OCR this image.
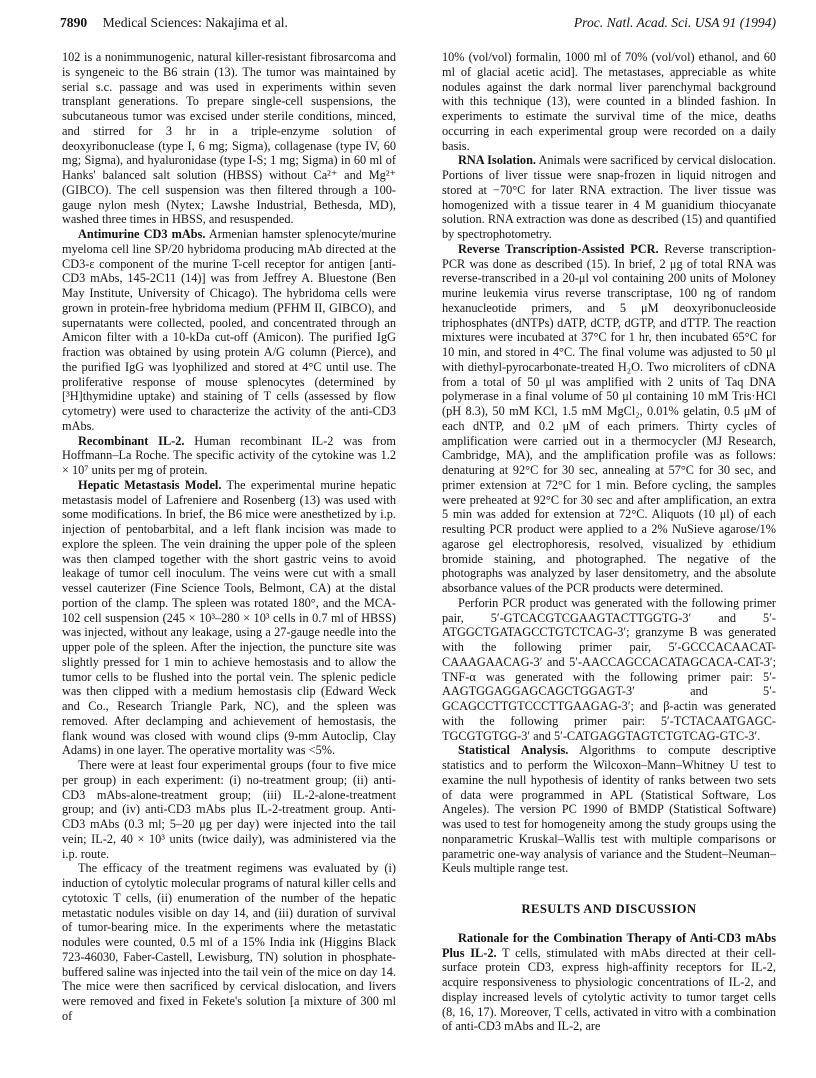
7890 Medical Sciences: Nakajima et al.	Proc. Natl. Acad. Sci. USA 91 (1994)

102 is a nonimmunogenic, natural killer-resistant fibrosarcoma and is syngeneic to the B6 strain (13). The tumor was maintained by serial s.c. passage and was used in experiments within seven transplant generations. To prepare single-cell suspensions, the subcutaneous tumor was excised under sterile conditions, minced, and stirred for 3 hr in a triple-enzyme solution of deoxyribonuclease (type I, 6 mg; Sigma), collagenase (type IV, 60 mg; Sigma), and hyaluronidase (type I-S; 1 mg; Sigma) in 60 ml of Hanks' balanced salt solution (HBSS) without Ca²⁺ and Mg²⁺ (GIBCO). The cell suspension was then filtered through a 100-gauge nylon mesh (Nytex; Lawshe Industrial, Bethesda, MD), washed three times in HBSS, and resuspended.

Antimurine CD3 mAbs. Armenian hamster splenocyte/murine myeloma cell line SP/20 hybridoma producing mAb directed at the CD3-ε component of the murine T-cell receptor for antigen [anti-CD3 mAbs, 145-2C11 (14)] was from Jeffrey A. Bluestone (Ben May Institute, University of Chicago). The hybridoma cells were grown in protein-free hybridoma medium (PFHM II, GIBCO), and supernatants were collected, pooled, and concentrated through an Amicon filter with a 10-kDa cut-off (Amicon). The purified IgG fraction was obtained by using protein A/G column (Pierce), and the purified IgG was lyophilized and stored at 4°C until use. The proliferative response of mouse splenocytes (determined by [³H]thymidine uptake) and staining of T cells (assessed by flow cytometry) were used to characterize the activity of the anti-CD3 mAbs.

Recombinant IL-2. Human recombinant IL-2 was from Hoffmann–La Roche. The specific activity of the cytokine was 1.2 × 10⁷ units per mg of protein.

Hepatic Metastasis Model. The experimental murine hepatic metastasis model of Lafreniere and Rosenberg (13) was used with some modifications. In brief, the B6 mice were anesthetized by i.p. injection of pentobarbital, and a left flank incision was made to explore the spleen. The vein draining the upper pole of the spleen was then clamped together with the short gastric veins to avoid leakage of tumor cell inoculum. The veins were cut with a small vessel cauterizer (Fine Science Tools, Belmont, CA) at the distal portion of the clamp. The spleen was rotated 180°, and the MCA-102 cell suspension (245 × 10³–280 × 10³ cells in 0.7 ml of HBSS) was injected, without any leakage, using a 27-gauge needle into the upper pole of the spleen. After the injection, the puncture site was slightly pressed for 1 min to achieve hemostasis and to allow the tumor cells to be flushed into the portal vein. The splenic pedicle was then clipped with a medium hemostasis clip (Edward Weck and Co., Research Triangle Park, NC), and the spleen was removed. After declamping and achievement of hemostasis, the flank wound was closed with wound clips (9-mm Autoclip, Clay Adams) in one layer. The operative mortality was <5%.

There were at least four experimental groups (four to five mice per group) in each experiment: (i) no-treatment group; (ii) anti-CD3 mAbs-alone-treatment group; (iii) IL-2-alone-treatment group; and (iv) anti-CD3 mAbs plus IL-2-treatment group. Anti-CD3 mAbs (0.3 ml; 5–20 μg per day) were injected into the tail vein; IL-2, 40 × 10³ units (twice daily), was administered via the i.p. route.

The efficacy of the treatment regimens was evaluated by (i) induction of cytolytic molecular programs of natural killer cells and cytotoxic T cells, (ii) enumeration of the number of the hepatic metastatic nodules visible on day 14, and (iii) duration of survival of tumor-bearing mice. In the experiments where the metastatic nodules were counted, 0.5 ml of a 15% India ink (Higgins Black 723-46030, Faber-Castell, Lewisburg, TN) solution in phosphate-buffered saline was injected into the tail vein of the mice on day 14. The mice were then sacrificed by cervical dislocation, and livers were removed and fixed in Fekete's solution [a mixture of 300 ml of

10% (vol/vol) formalin, 1000 ml of 70% (vol/vol) ethanol, and 60 ml of glacial acetic acid]. The metastases, appreciable as white nodules against the dark normal liver parenchymal background with this technique (13), were counted in a blinded fashion. In experiments to estimate the survival time of the mice, deaths occurring in each experimental group were recorded on a daily basis.

RNA Isolation. Animals were sacrificed by cervical dislocation. Portions of liver tissue were snap-frozen in liquid nitrogen and stored at −70°C for later RNA extraction. The liver tissue was homogenized with a tissue tearer in 4 M guanidium thiocyanate solution. RNA extraction was done as described (15) and quantified by spectrophotometry.

Reverse Transcription-Assisted PCR. Reverse transcription-PCR was done as described (15). In brief, 2 μg of total RNA was reverse-transcribed in a 20-μl vol containing 200 units of Moloney murine leukemia virus reverse transcriptase, 100 ng of random hexanucleotide primers, and 5 μM deoxyribonucleoside triphosphates (dNTPs) dATP, dCTP, dGTP, and dTTP. The reaction mixtures were incubated at 37°C for 1 hr, then incubated 65°C for 10 min, and stored in 4°C. The final volume was adjusted to 50 μl with diethyl-pyrocarbonate-treated H₂O. Two microliters of cDNA from a total of 50 μl was amplified with 2 units of Taq DNA polymerase in a final volume of 50 μl containing 10 mM Tris·HCl (pH 8.3), 50 mM KCl, 1.5 mM MgCl₂, 0.01% gelatin, 0.5 μM of each dNTP, and 0.2 μM of each primers. Thirty cycles of amplification were carried out in a thermocycler (MJ Research, Cambridge, MA), and the amplification profile was as follows: denaturing at 92°C for 30 sec, annealing at 57°C for 30 sec, and primer extension at 72°C for 1 min. Before cycling, the samples were preheated at 92°C for 30 sec and after amplification, an extra 5 min was added for extension at 72°C. Aliquots (10 μl) of each resulting PCR product were applied to a 2% NuSieve agarose/1% agarose gel electrophoresis, resolved, visualized by ethidium bromide staining, and photographed. The negative of the photographs was analyzed by laser densitometry, and the absolute absorbance values of the PCR products were determined.

Perforin PCR product was generated with the following primer pair, 5′-GTCACGTCGAAGTACTTGGTG-3′ and 5′-ATGGCTGATAGCCTGTCTCAG-3′; granzyme B was generated with the following primer pair, 5′-GCCCACAACAT-CAAAGAACAG-3′ and 5′-AACCAGCCACATAGCACA-CAT-3′; TNF-α was generated with the following primer pair: 5′-AAGTGGAGGAGCAGCTGGAGT-3′ and 5′-GCAGCCTTGTCCCTTGAAGAG-3′; and β-actin was generated with the following primer pair: 5′-TCTACAATGAGC-TGCGTGTGG-3′ and 5′-CATGAGGTAGTCTGTCAG-GTC-3′.

Statistical Analysis. Algorithms to compute descriptive statistics and to perform the Wilcoxon–Mann–Whitney U test to examine the null hypothesis of identity of ranks between two sets of data were programmed in APL (Statistical Software, Los Angeles). The version PC 1990 of BMDP (Statistical Software) was used to test for homogeneity among the study groups using the nonparametric Kruskal–Wallis test with multiple comparisons or parametric one-way analysis of variance and the Student–Neuman–Keuls multiple range test.

RESULTS AND DISCUSSION

Rationale for the Combination Therapy of Anti-CD3 mAbs Plus IL-2. T cells, stimulated with mAbs directed at their cell-surface protein CD3, express high-affinity receptors for IL-2, acquire responsiveness to physiologic concentrations of IL-2, and display increased levels of cytolytic activity to tumor target cells (8, 16, 17). Moreover, T cells, activated in vitro with a combination of anti-CD3 mAbs and IL-2, are
